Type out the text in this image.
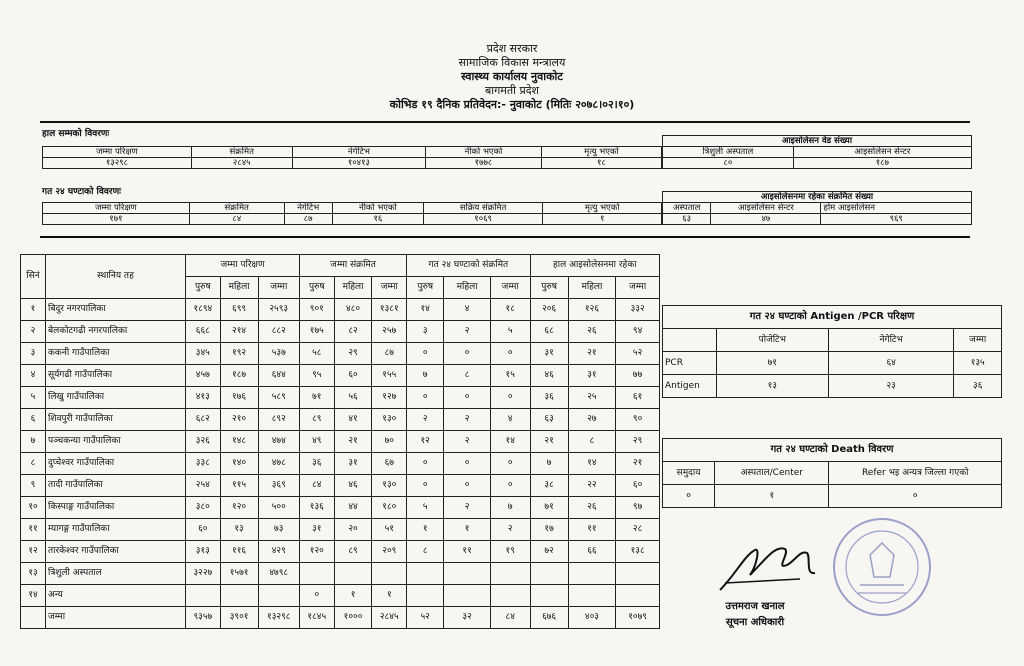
प्रदेश सरकार
सामाजिक विकास मन्त्रालय
स्वास्थ्य कार्यालय नुवाकोट
बागमती प्रदेश
कोभिड १९ दैनिक प्रतिवेदन:- नुवाकोट (मितिः २०७८।०२।१०)
हाल सम्मको विवरणः
जम्मा परिक्षण	संक्रमित	नेगेटिभ	नीको भएको	मृत्यु भएको
१३२९८	२८४५	१०४१३	१७७८	१८
आइसोलेसन वेड संख्या	
त्रिशुली अस्पताल	आइसोलेसन सेन्टर
८०	१८७
गत २४ घण्टाको विवरणः
जम्मा परिक्षण	संक्रमित	नेगेटिभ	नीको भएको	सक्रिय संक्रमित	मृत्यु भएको
१७१	८४	८७	१६	१०६९	१
आइसोलेसनमा रहेका संक्रमित संख्या		
अस्पताल	आइसोलेसन सेन्टर	होम आइसोलेसन
६३	४७	९६९
सिनं	स्थानिय तह	जम्मा परिक्षण			जम्मा संक्रमित			गत २४ घण्टाको संक्रमित			हाल आइसोलेसनमा रहेका		
		पुरुष	महिला	जम्मा	पुरुष	महिला	जम्मा	पुरुष	महिला	जम्मा	पुरुष	महिला	जम्मा
१	बिदुर नगरपालिका	१८९४	६९९	२५९३	९०१	४८०	१३८१	१४	४	१८	२०६	१२६	३३२
२	बेलकोटगढी नगरपालिका	६६८	२१४	८८२	१७५	८२	२५७	३	२	५	६८	२६	९४
३	ककनी गाउँपालिका	३४५	१९२	५३७	५८	२९	८७	०	०	०	३१	२१	५२
४	सूर्यगढी गाउँपालिका	४५७	१८७	६४४	९५	६०	१५५	७	८	१५	४६	३१	७७
५	लिखु गाउँपालिका	४१३	१७६	५८९	७१	५६	१२७	०	०	०	३६	२५	६१
६	शिवपुरी गाउँपालिका	६८२	२१०	८९२	८९	४१	१३०	२	२	४	६३	२७	९०
७	पञ्चकन्या गाउँपालिका	३२६	१४८	४७४	४९	२१	७०	१२	२	१४	२१	८	२९
८	दुप्चेश्वर गाउँपालिका	३३८	१४०	४७८	३६	३१	६७	०	०	०	७	१४	२१
९	तादी गाउँपालिका	२५४	११५	३६९	८४	४६	१३०	०	०	०	३८	२२	६०
१०	किस्पाङ्ग गाउँपालिका	३८०	१२०	५००	१३६	४४	१८०	५	२	७	७१	२६	९७
११	म्यागङ्ग गाउँपालिका	६०	१३	७३	३१	२०	५१	१	१	२	१७	११	२८
१२	तारकेश्वर गाउँपालिका	३१३	११६	४२९	१२०	८९	२०९	८	११	१९	७२	६६	१३८
१३	त्रिशुली अस्पताल	३२२७	१५७१	४७९८									
१४	अन्य				०	१	१						
	जम्मा	९३५७	३९०१	१३२९८	१८४५	१०००	२८४५	५२	३२	८४	६७६	४०३	१०७९
गत २४ घण्टाको Antigen /PCR परिक्षण			
	पोजेटिभ	नेगेटिभ	जम्मा
PCR	७१	६४	१३५
Antigen	१३	२३	३६
गत २४ घण्टाको Death विवरण		
समुदाय	अस्पताल/Center	Refer भइ अन्यत्र जिल्ला गएको
०	१	०
उत्तमराज खनाल
सूचना अधिकारी
